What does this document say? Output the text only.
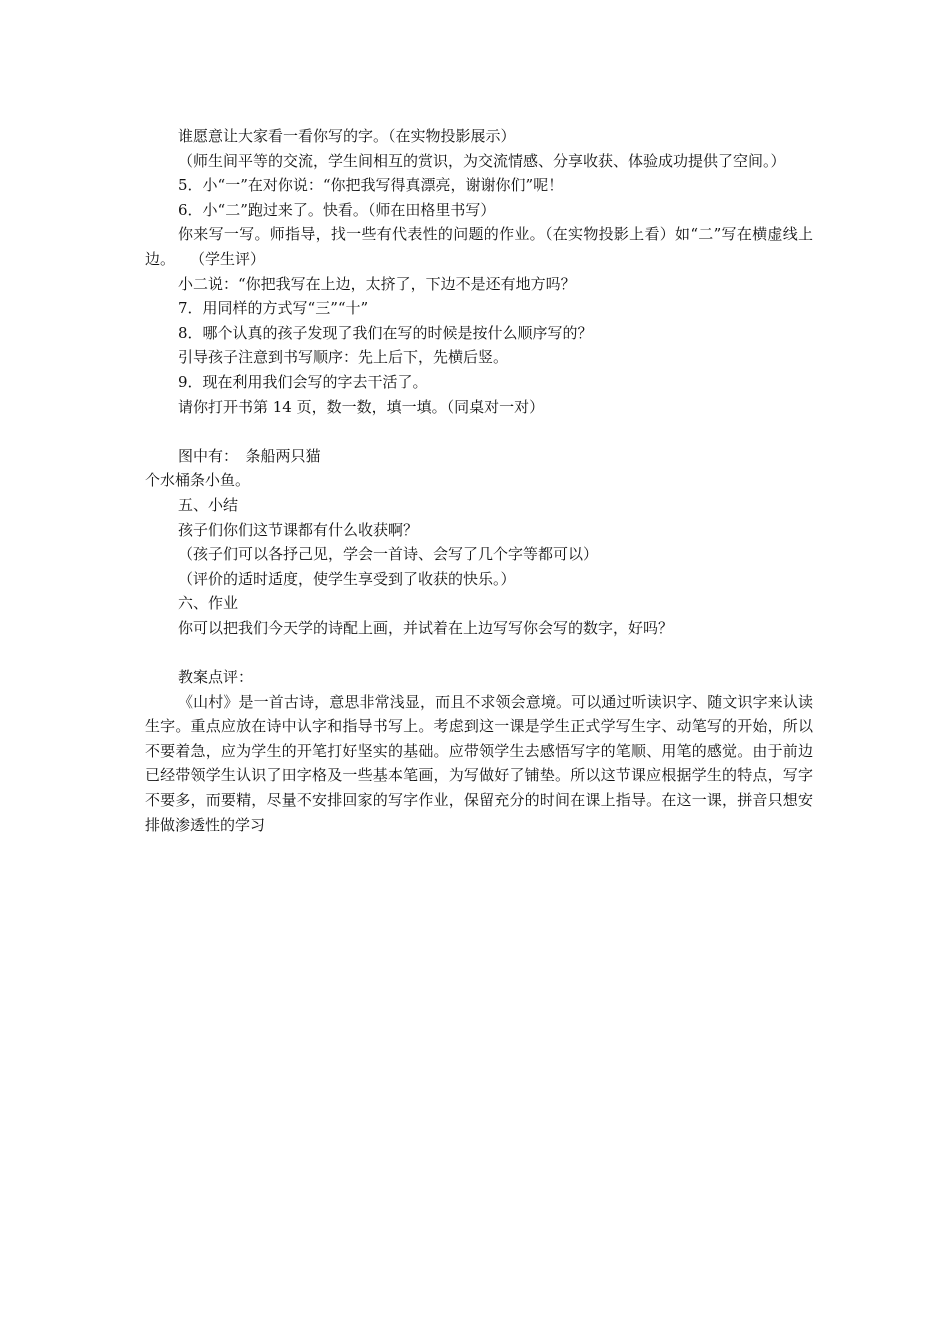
谁愿意让大家看一看你写的字。（在实物投影展示）

（师生间平等的交流，学生间相互的赏识，为交流情感、分享收获、体验成功提供了空间。）

5．小“一”在对你说：“你把我写得真漂亮，谢谢你们”呢！

6．小“二”跑过来了。快看。（师在田格里书写）

你来写一写。师指导，找一些有代表性的问题的作业。（在实物投影上看）如“二”写在横虚线上边。　　（学生评）

小二说：“你把我写在上边，太挤了，下边不是还有地方吗？

7．用同样的方式写“三”“十”

8．哪个认真的孩子发现了我们在写的时候是按什么顺序写的？

引导孩子注意到书写顺序：先上后下，先横后竖。

9．现在利用我们会写的字去干活了。

请你打开书第 14 页，数一数，填一填。（同桌对一对）

图中有：　条船两只猫

个水桶条小鱼。

五、小结

孩子们你们这节课都有什么收获啊？

（孩子们可以各抒己见，学会一首诗、会写了几个字等都可以）

（评价的适时适度，使学生享受到了收获的快乐。）

六、作业

你可以把我们今天学的诗配上画，并试着在上边写写你会写的数字，好吗？

教案点评：

《山村》是一首古诗，意思非常浅显，而且不求领会意境。可以通过听读识字、随文识字来认读生字。重点应放在诗中认字和指导书写上。考虑到这一课是学生正式学写生字、动笔写的开始，所以不要着急，应为学生的开笔打好坚实的基础。应带领学生去感悟写字的笔顺、用笔的感觉。由于前边已经带领学生认识了田字格及一些基本笔画，为写做好了铺垫。所以这节课应根据学生的特点，写字不要多，而要精，尽量不安排回家的写字作业，保留充分的时间在课上指导。在这一课，拼音只想安排做渗透性的学习
